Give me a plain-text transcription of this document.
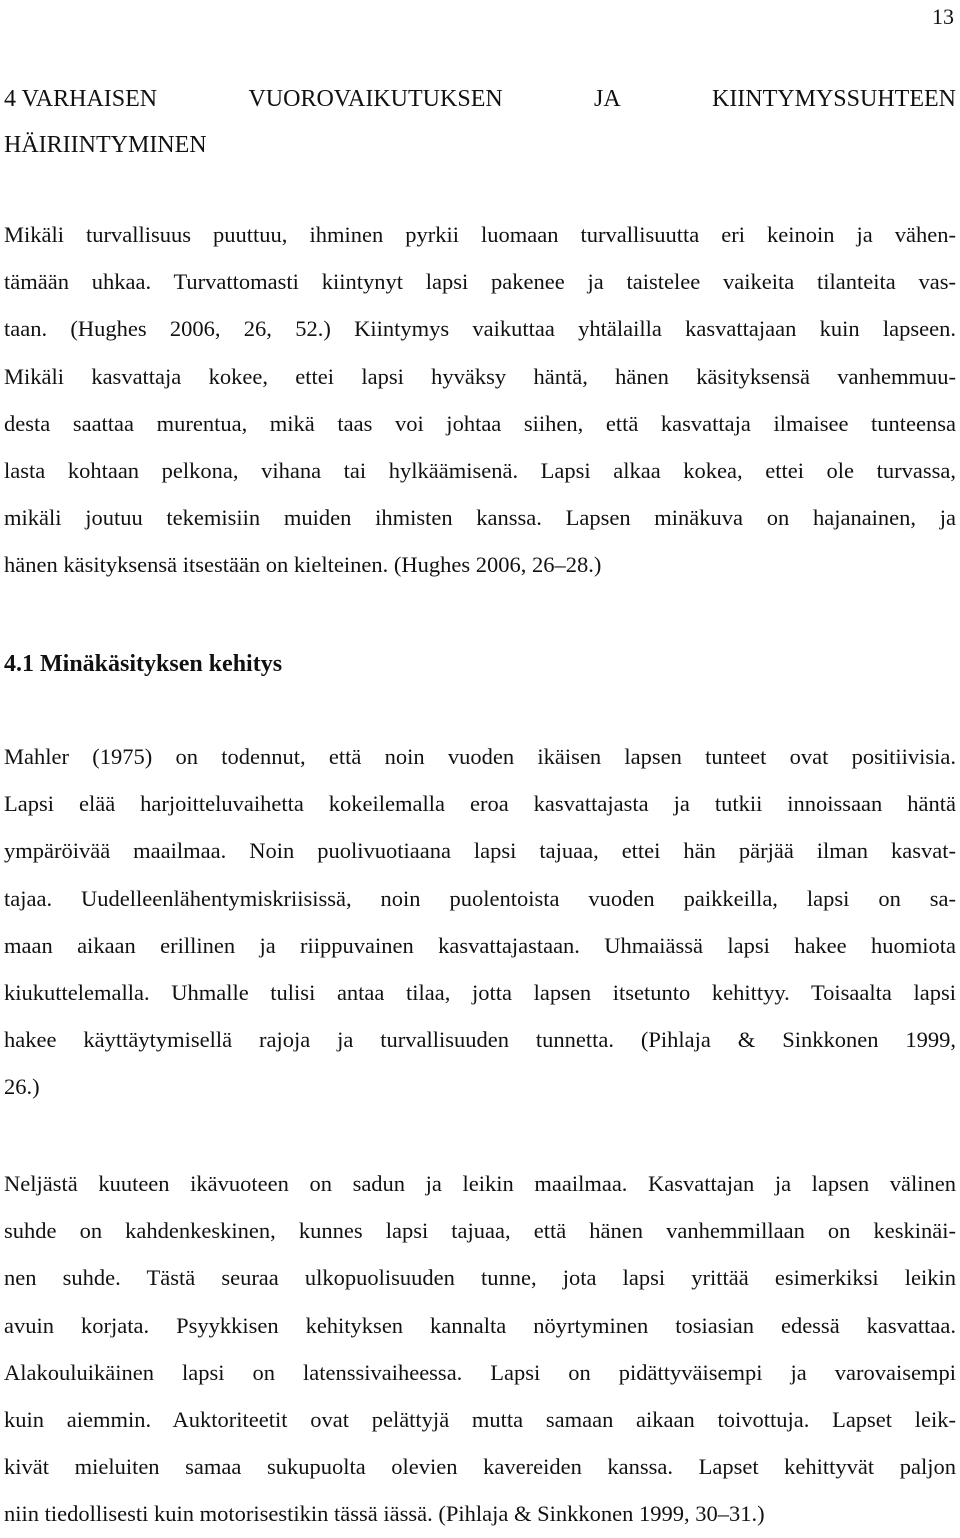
13
4 VARHAISEN	VUOROVAIKUTUKSEN	JA	KIINTYMYSSUHTEEN
HÄIRIINTYMINEN

Mikäli turvallisuus puuttuu, ihminen pyrkii luomaan turvallisuutta eri keinoin ja vähen-
tämään uhkaa. Turvattomasti kiintynyt lapsi pakenee ja taistelee vaikeita tilanteita vas-
taan. (Hughes 2006, 26, 52.) Kiintymys vaikuttaa yhtälailla kasvattajaan kuin lapseen.
Mikäli kasvattaja kokee, ettei lapsi hyväksy häntä, hänen käsityksensä vanhemmuu-
desta saattaa murentua, mikä taas voi johtaa siihen, että kasvattaja ilmaisee tunteensa
lasta kohtaan pelkona, vihana tai hylkäämisenä. Lapsi alkaa kokea, ettei ole turvassa,
mikäli joutuu tekemisiin muiden ihmisten kanssa. Lapsen minäkuva on hajanainen, ja
hänen käsityksensä itsestään on kielteinen. (Hughes 2006, 26–28.)

4.1 Minäkäsityksen kehitys

Mahler (1975) on todennut, että noin vuoden ikäisen lapsen tunteet ovat positiivisia.
Lapsi elää harjoitteluvaihetta kokeilemalla eroa kasvattajasta ja tutkii innoissaan häntä
ympäröivää maailmaa. Noin puolivuotiaana lapsi tajuaa, ettei hän pärjää ilman kasvat-
tajaa. Uudelleenlähentymiskriisissä, noin puolentoista vuoden paikkeilla, lapsi on sa-
maan aikaan erillinen ja riippuvainen kasvattajastaan. Uhmaiässä lapsi hakee huomiota
kiukuttelemalla. Uhmalle tulisi antaa tilaa, jotta lapsen itsetunto kehittyy. Toisaalta lapsi
hakee käyttäytymisellä rajoja ja turvallisuuden tunnetta. (Pihlaja & Sinkkonen 1999,
26.)

Neljästä kuuteen ikävuoteen on sadun ja leikin maailmaa. Kasvattajan ja lapsen välinen
suhde on kahdenkeskinen, kunnes lapsi tajuaa, että hänen vanhemmillaan on keskinäi-
nen suhde. Tästä seuraa ulkopuolisuuden tunne, jota lapsi yrittää esimerkiksi leikin
avuin korjata. Psyykkisen kehityksen kannalta nöyrtyminen tosiasian edessä kasvattaa.
Alakouluikäinen lapsi on latenssivaiheessa. Lapsi on pidättyväisempi ja varovaisempi
kuin aiemmin. Auktoriteetit ovat pelättyjä mutta samaan aikaan toivottuja. Lapset leik-
kivät mieluiten samaa sukupuolta olevien kavereiden kanssa. Lapset kehittyvät paljon
niin tiedollisesti kuin motorisestikin tässä iässä. (Pihlaja & Sinkkonen 1999, 30–31.)
